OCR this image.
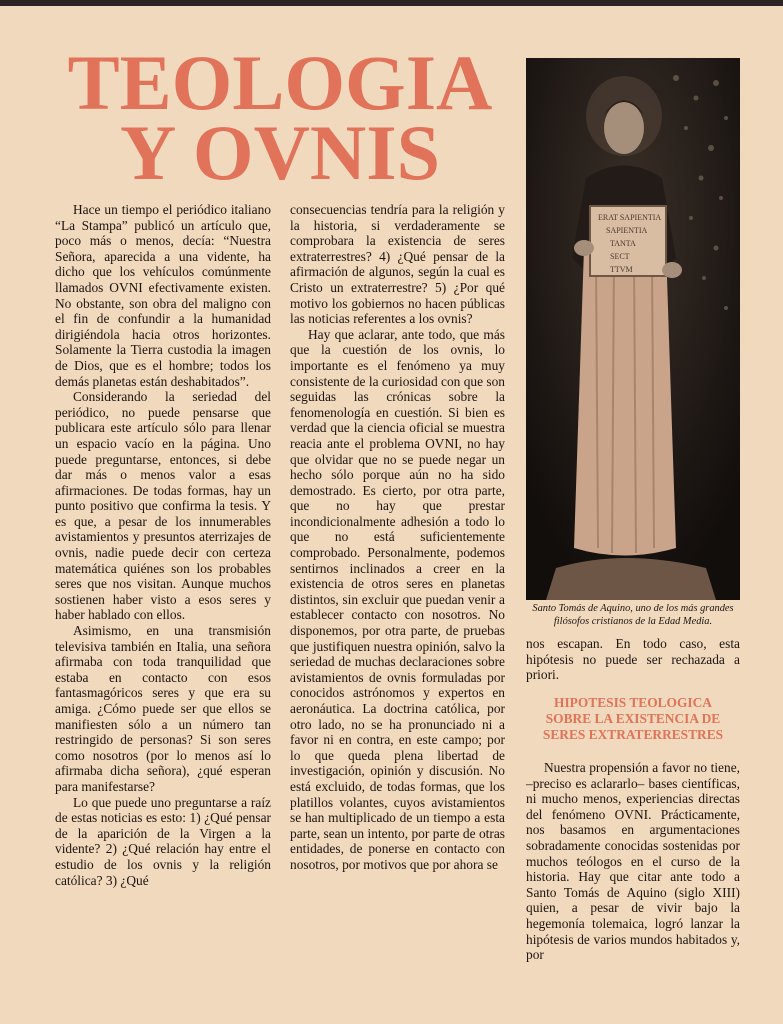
TEOLOGIA
Y OVNIS

Hace un tiempo el periódico italiano “La Stampa” publicó un artículo que, poco más o menos, decía: “Nuestra Señora, aparecida a una vidente, ha dicho que los vehículos comúnmente llamados OVNI efectivamente existen. No obstante, son obra del maligno con el fin de confundir a la humanidad dirigiéndola hacia otros horizontes. Solamente la Tierra custodia la imagen de Dios, que es el hombre; todos los demás planetas están deshabitados”.

Considerando la seriedad del periódico, no puede pensarse que publicara este artículo sólo para llenar un espacio vacío en la página. Uno puede preguntarse, entonces, si debe dar más o menos valor a esas afirmaciones. De todas formas, hay un punto positivo que confirma la tesis. Y es que, a pesar de los innumerables avistamientos y presuntos aterrizajes de ovnis, nadie puede decir con certeza matemática quiénes son los probables seres que nos visitan. Aunque muchos sostienen haber visto a esos seres y haber hablado con ellos.

Asimismo, en una transmisión televisiva también en Italia, una señora afirmaba con toda tranquilidad que estaba en contacto con esos fantasmagóricos seres y que era su amiga. ¿Cómo puede ser que ellos se manifiesten sólo a un número tan restringido de personas? Si son seres como nosotros (por lo menos así lo afirmaba dicha señora), ¿qué esperan para manifestarse?

Lo que puede uno preguntarse a raíz de estas noticias es esto: 1) ¿Qué pensar de la aparición de la Virgen a la vidente? 2) ¿Qué relación hay entre el estudio de los ovnis y la religión católica? 3) ¿Qué

consecuencias tendría para la religión y la historia, si verdaderamente se comprobara la existencia de seres extraterrestres? 4) ¿Qué pensar de la afirmación de algunos, según la cual es Cristo un extraterrestre? 5) ¿Por qué motivo los gobiernos no hacen públicas las noticias referentes a los ovnis?

Hay que aclarar, ante todo, que más que la cuestión de los ovnis, lo importante es el fenómeno ya muy consistente de la curiosidad con que son seguidas las crónicas sobre la fenomenología en cuestión. Si bien es verdad que la ciencia oficial se muestra reacia ante el problema OVNI, no hay que olvidar que no se puede negar un hecho sólo porque aún no ha sido demostrado. Es cierto, por otra parte, que no hay que prestar incondicionalmente adhesión a todo lo que no está suficientemente comprobado. Personalmente, podemos sentirnos inclinados a creer en la existencia de otros seres en planetas distintos, sin excluir que puedan venir a establecer contacto con nosotros. No disponemos, por otra parte, de pruebas que justifiquen nuestra opinión, salvo la seriedad de muchas declaraciones sobre avistamientos de ovnis formuladas por conocidos astrónomos y expertos en aeronáutica. La doctrina católica, por otro lado, no se ha pronunciado ni a favor ni en contra, en este campo; por lo que queda plena libertad de investigación, opinión y discusión. No está excluido, de todas formas, que los platillos volantes, cuyos avistamientos se han multiplicado de un tiempo a esta parte, sean un intento, por parte de otras entidades, de ponerse en contacto con nosotros, por motivos que por ahora se

ERAT SAPIENTIA
SAPIENTIA
TANTA
SECT
TTVM
Santo Tomás de Aquino, uno de los más grandes filósofos cristianos de la Edad Media.

nos escapan. En todo caso, esta hipótesis no puede ser rechazada a priori.

HIPOTESIS TEOLOGICA
SOBRE LA EXISTENCIA DE
SERES EXTRATERRESTRES

Nuestra propensión a favor no tiene, –preciso es aclararlo– bases científicas, ni mucho menos, experiencias directas del fenómeno OVNI. Prácticamente, nos basamos en argumentaciones sobradamente conocidas sostenidas por muchos teólogos en el curso de la historia. Hay que citar ante todo a Santo Tomás de Aquino (siglo XIII) quien, a pesar de vivir bajo la hegemonía tolemaica, logró lanzar la hipótesis de varios mundos habitados y, por
